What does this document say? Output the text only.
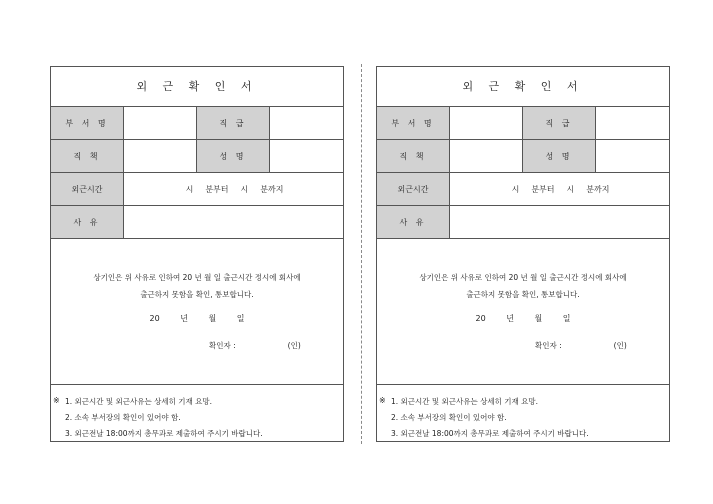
외 근 확 인 서
부 서 명	직 급
직 책	성 명
외근시간	시 분부터 시 분까지
사 유
상기인은 위 사유로 인하여 20 년 월 일 출근시간 정시에 회사에
출근하지 못함을 확인, 통보합니다.
20	년	월	일
확인자 :	(인)
※ 1. 외근시간 및 외근사유는 상세히 기재 요망.
2. 소속 부서장의 확인이 있어야 함.
3. 외근전날 18:00까지 총무과로 제출하여 주시기 바랍니다.
외 근 확 인 서
부 서 명	직 급
직 책	성 명
외근시간	시 분부터 시 분까지
사 유
상기인은 위 사유로 인하여 20 년 월 일 출근시간 정시에 회사에
출근하지 못함을 확인, 통보합니다.
20	년	월	일
확인자 :	(인)
※ 1. 외근시간 및 외근사유는 상세히 기재 요망.
2. 소속 부서장의 확인이 있어야 함.
3. 외근전날 18:00까지 총무과로 제출하여 주시기 바랍니다.
